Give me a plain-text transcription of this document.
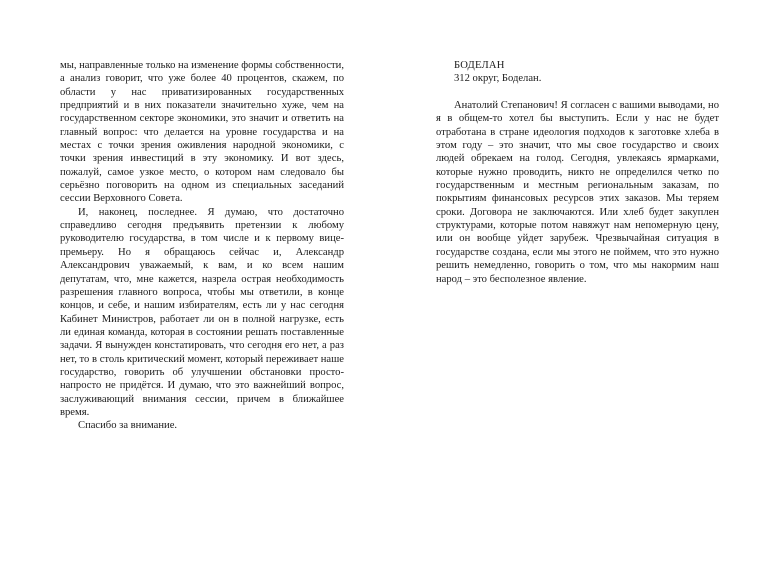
мы, направленные только на изменение формы собственности, а анализ говорит, что уже более 40 процентов, скажем, по области у нас приватизированных государственных предприятий и в них показатели значительно хуже, чем на государственном секторе экономики, это значит и ответить на главный вопрос: что делается на уровне государства и на местах с точки зрения оживления народной экономики, с точки зрения инвестиций в эту экономику. И вот здесь, пожалуй, самое узкое место, о котором нам следовало бы серьёзно поговорить на одном из специальных заседаний сессии Верховного Совета.

И, наконец, последнее. Я думаю, что достаточно справедливо сегодня предъявить претензии к любому руководителю государства, в том числе и к первому вице-премьеру. Но я обращаюсь сейчас и, Александр Александрович уважаемый, к вам, и ко всем нашим депутатам, что, мне кажется, назрела острая необходимость разрешения главного вопроса, чтобы мы ответили, в конце концов, и себе, и нашим избирателям, есть ли у нас сегодня Кабинет Министров, работает ли он в полной нагрузке, есть ли единая команда, которая в состоянии решать поставленные задачи. Я вынужден констатировать, что сегодня его нет, а раз нет, то в столь критический момент, который переживает наше государство, говорить об улучшении обстановки просто-напросто не придётся. И думаю, что это важнейший вопрос, заслуживающий внимания сессии, причем в ближайшее время.

Спасибо за внимание.

БОДЕЛАН
312 округ, Боделан.

Анатолий Степанович! Я согласен с вашими выводами, но я в общем-то хотел бы выступить. Если у нас не будет отработана в стране идеология подходов к заготовке хлеба в этом году – это значит, что мы свое государство и своих людей обрекаем на голод. Сегодня, увлекаясь ярмарками, которые нужно проводить, никто не определился четко по государственным и местным региональным заказам, по покрытиям финансовых ресурсов этих заказов. Мы теряем сроки. Договора не заключаются. Или хлеб будет закуплен структурами, которые потом навяжут нам непомерную цену, или он вообще уйдет зарубеж. Чрезвычайная ситуация в государстве создана, если мы этого не поймем, что это нужно решить немедленно, говорить о том, что мы накормим наш народ – это бесполезное явление.
